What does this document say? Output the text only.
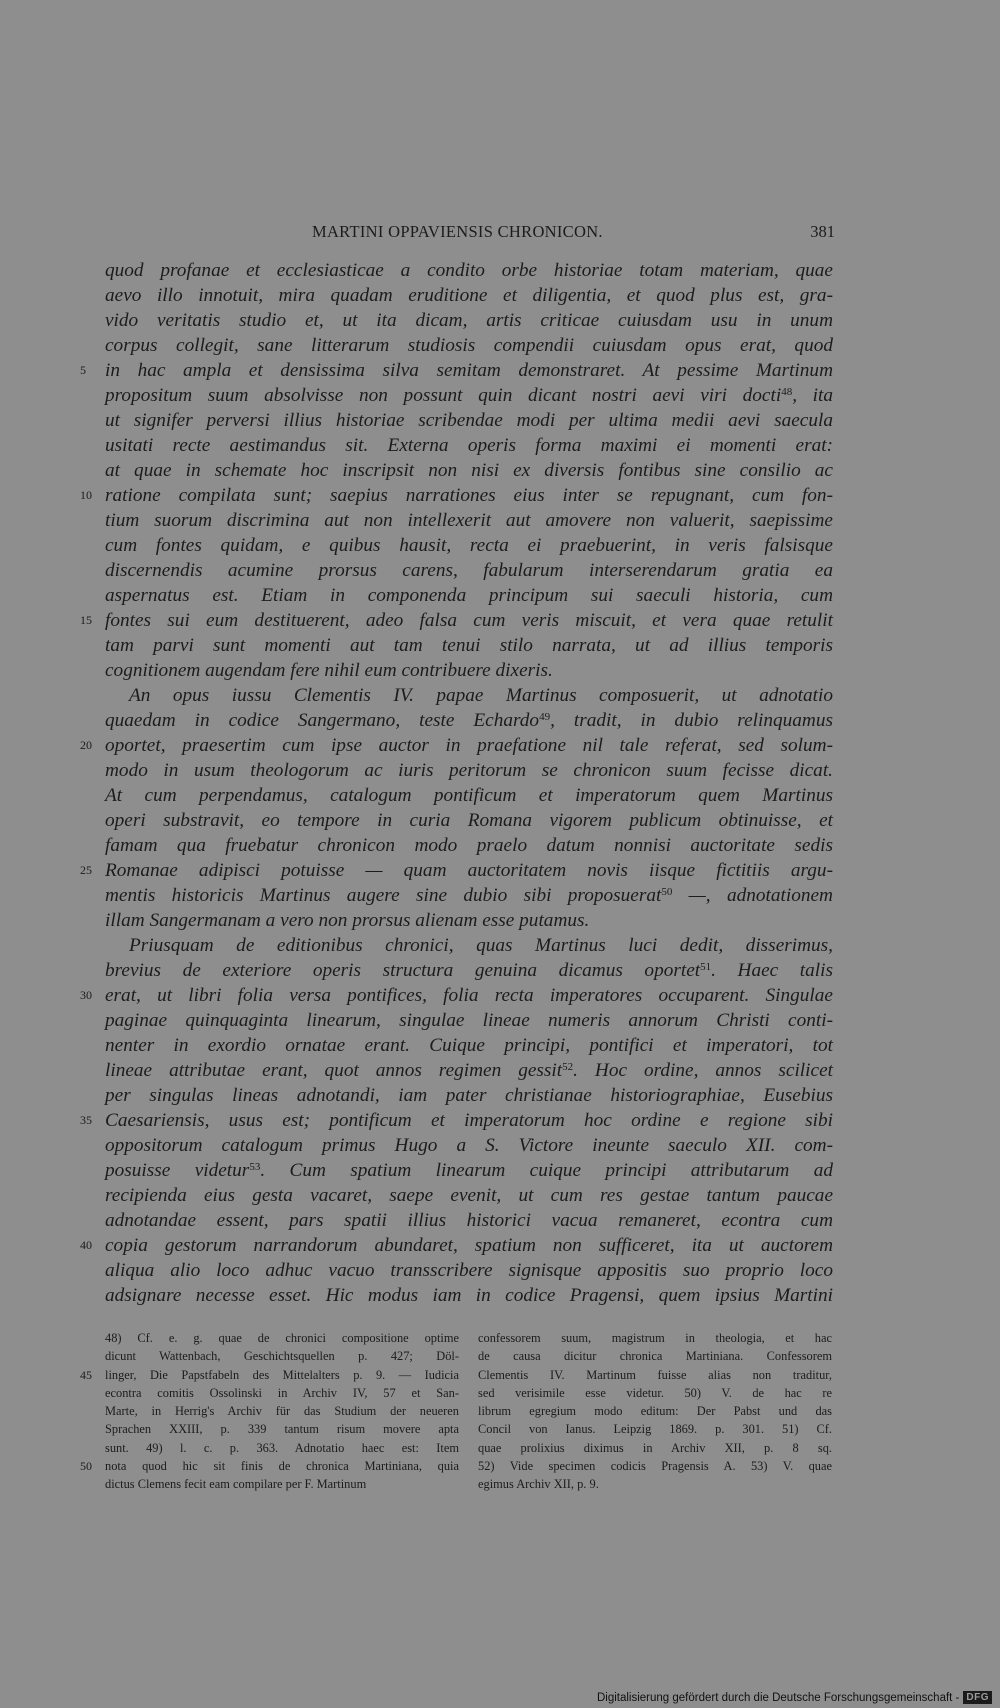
MARTINI OPPAVIENSIS CHRONICON.	381
quod profanae et ecclesiasticae a condito orbe historiae totam materiam, quae
aevo illo innotuit, mira quadam eruditione et diligentia, et quod plus est, gra-
vido veritatis studio et, ut ita dicam, artis criticae cuiusdam usu in unum
corpus collegit, sane litterarum studiosis compendii cuiusdam opus erat, quod
5 in hac ampla et densissima silva semitam demonstraret. At pessime Martinum
propositum suum absolvisse non possunt quin dicant nostri aevi viri docti$^{48}$, ita
ut signifer perversi illius historiae scribendae modi per ultima medii aevi saecula
usitati recte aestimandus sit. Externa operis forma maximi ei momenti erat:
at quae in schemate hoc inscripsit non nisi ex diversis fontibus sine consilio ac
10 ratione compilata sunt; saepius narrationes eius inter se repugnant, cum fon-
tium suorum discrimina aut non intellexerit aut amovere non valuerit, saepissime
cum fontes quidam, e quibus hausit, recta ei praebuerint, in veris falsisque
discernendis acumine prorsus carens, fabularum interserendarum gratia ea
aspernatus est. Etiam in componenda principum sui saeculi historia, cum
15 fontes sui eum destituerent, adeo falsa cum veris miscuit, et vera quae retulit
tam parvi sunt momenti aut tam tenui stilo narrata, ut ad illius temporis
cognitionem augendam fere nihil eum contribuere dixeris.
An opus iussu Clementis IV. papae Martinus composuerit, ut adnotatio
quaedam in codice Sangermano, teste Echardo$^{49}$, tradit, in dubio relinquamus
20 oportet, praesertim cum ipse auctor in praefatione nil tale referat, sed solum-
modo in usum theologorum ac iuris peritorum se chronicon suum fecisse dicat.
At cum perpendamus, catalogum pontificum et imperatorum quem Martinus
operi substravit, eo tempore in curia Romana vigorem publicum obtinuisse, et
famam qua fruebatur chronicon modo praelo datum nonnisi auctoritate sedis
25 Romanae adipisci potuisse — quam auctoritatem novis iisque fictitiis argu-
mentis historicis Martinus augere sine dubio sibi proposuerat$^{50}$ —, adnotationem
illam Sangermanam a vero non prorsus alienam esse putamus.
Priusquam de editionibus chronici, quas Martinus luci dedit, disserimus,
brevius de exteriore operis structura genuina dicamus oportet$^{51}$. Haec talis
30 erat, ut libri folia versa pontifices, folia recta imperatores occuparent. Singulae
paginae quinquaginta linearum, singulae lineae numeris annorum Christi conti-
nenter in exordio ornatae erant. Cuique principi, pontifici et imperatori, tot
lineae attributae erant, quot annos regimen gessit$^{52}$. Hoc ordine, annos scilicet
per singulas lineas adnotandi, iam pater christianae historiographiae, Eusebius
35 Caesariensis, usus est; pontificum et imperatorum hoc ordine e regione sibi
oppositorum catalogum primus Hugo a S. Victore ineunte saeculo XII. com-
posuisse videtur$^{53}$. Cum spatium linearum cuique principi attributarum ad
recipienda eius gesta vacaret, saepe evenit, ut cum res gestae tantum paucae
adnotandae essent, pars spatii illius historici vacua remaneret, econtra cum
40 copia gestorum narrandorum abundaret, spatium non sufficeret, ita ut auctorem
aliqua alio loco adhuc vacuo transscribere signisque appositis suo proprio loco
adsignare necesse esset. Hic modus iam in codice Pragensi, quem ipsius Martini
48) Cf. e. g. quae de chronici compositione optime
dicunt Wattenbach, Geschichtsquellen p. 427; Döl-
45	linger, Die Papstfabeln des Mittelalters p. 9. — Iudicia
econtra comitis Ossolinski in Archiv IV, 57 et San-
Marte, in Herrig's Archiv für das Studium der neueren
Sprachen XXIII, p. 339 tantum risum movere apta
sunt. 49) l. c. p. 363. Adnotatio haec est: Item
50	nota quod hic sit finis de chronica Martiniana, quia
dictus Clemens fecit eam compilare per F. Martinum
confessorem suum, magistrum in theologia, et hac
de causa dicitur chronica Martiniana. Confessorem
Clementis IV. Martinum fuisse alias non traditur,
sed verisimile esse videtur. 50) V. de hac re
librum egregium modo editum: Der Pabst und das
Concil von Ianus. Leipzig 1869. p. 301. 51) Cf.
quae prolixius diximus in Archiv XII, p. 8 sq.
52) Vide specimen codicis Pragensis A. 53) V. quae
egimus Archiv XII, p. 9.
Digitalisierung gefördert durch die Deutsche Forschungsgemeinschaft - DFG
